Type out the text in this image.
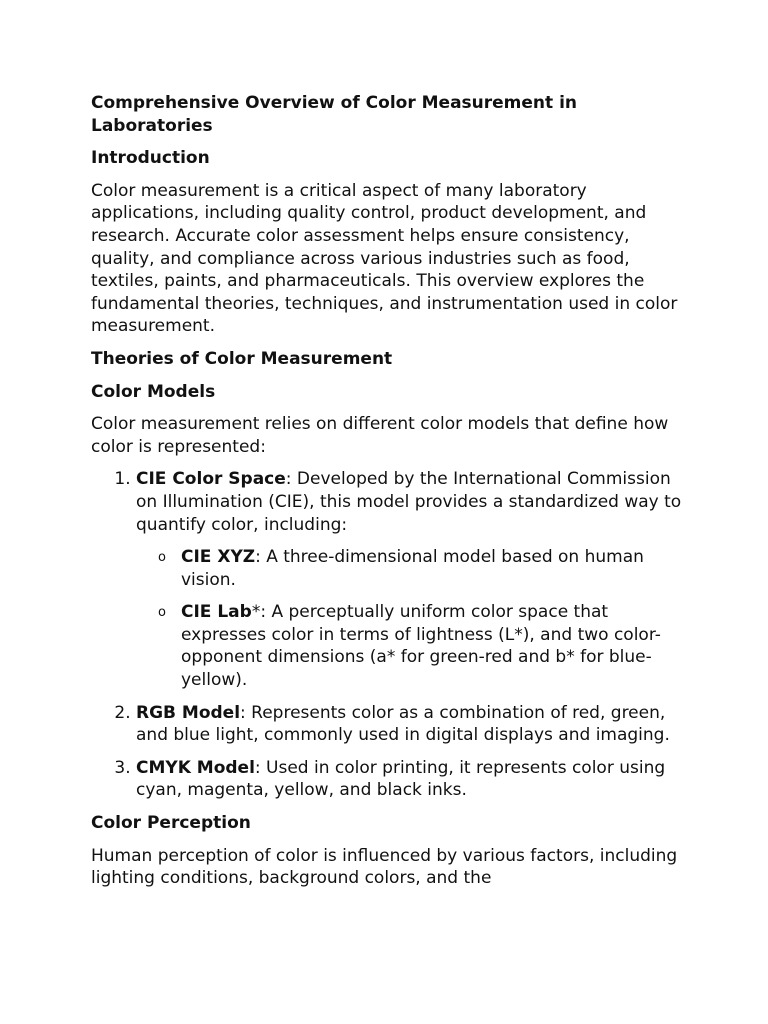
Comprehensive Overview of Color Measurement in Laboratories
Introduction

Color measurement is a critical aspect of many laboratory applications, including quality control, product development, and research. Accurate color assessment helps ensure consistency, quality, and compliance across various industries such as food, textiles, paints, and pharmaceuticals. This overview explores the fundamental theories, techniques, and instrumentation used in color measurement.

Theories of Color Measurement
Color Models

Color measurement relies on different color models that define how color is represented:

1. CIE Color Space: Developed by the International Commission on Illumination (CIE), this model provides a standardized way to quantify color, including:
o CIE XYZ: A three-dimensional model based on human vision.
o CIE Lab*: A perceptually uniform color space that expresses color in terms of lightness (L*), and two color-opponent dimensions (a* for green-red and b* for blue-yellow).
2. RGB Model: Represents color as a combination of red, green, and blue light, commonly used in digital displays and imaging.
3. CMYK Model: Used in color printing, it represents color using cyan, magenta, yellow, and black inks.
Color Perception

Human perception of color is influenced by various factors, including lighting conditions, background colors, and the
